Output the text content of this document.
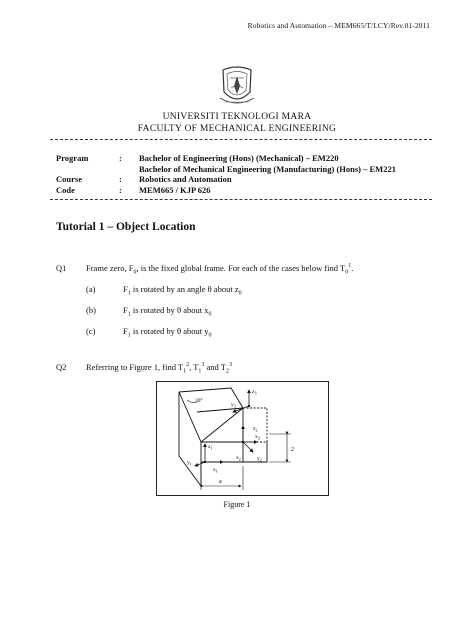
Robotics and Automation – MEM665/T/LCY/Rev.01-2011
UNIVERSITI TEKNOLOGI MARA
FACULTY OF MECHANICAL ENGINEERING
Program	:	Bachelor of Engineering (Hons) (Mechanical) – EM220
Bachelor of Mechanical Engineering (Manufacturing) (Hons) – EM221
Course	:	Robotics and Automation
Code	:	MEM665 / KJP 626
Tutorial 1 – Object Location
Q1 Frame zero, $F_0$, is the fixed global frame. For each of the cases below find $T_0^1$.
(a)	$F_1$ is rotated by an angle θ about $z_0$
(b)	$F_1$ is rotated by θ about $x_0$
(c)	$F_1$ is rotated by θ about $y_0$
Q2 Referring to Figure 1, find $T_1^2$, $T_1^3$ and $T_2^3$
2
a
30°
$z_3$
$y_3$
$z_1$
$y_1$
$x_1$
$x_2$
$x_3$
$z_2$
$y_2$
Figure 1
